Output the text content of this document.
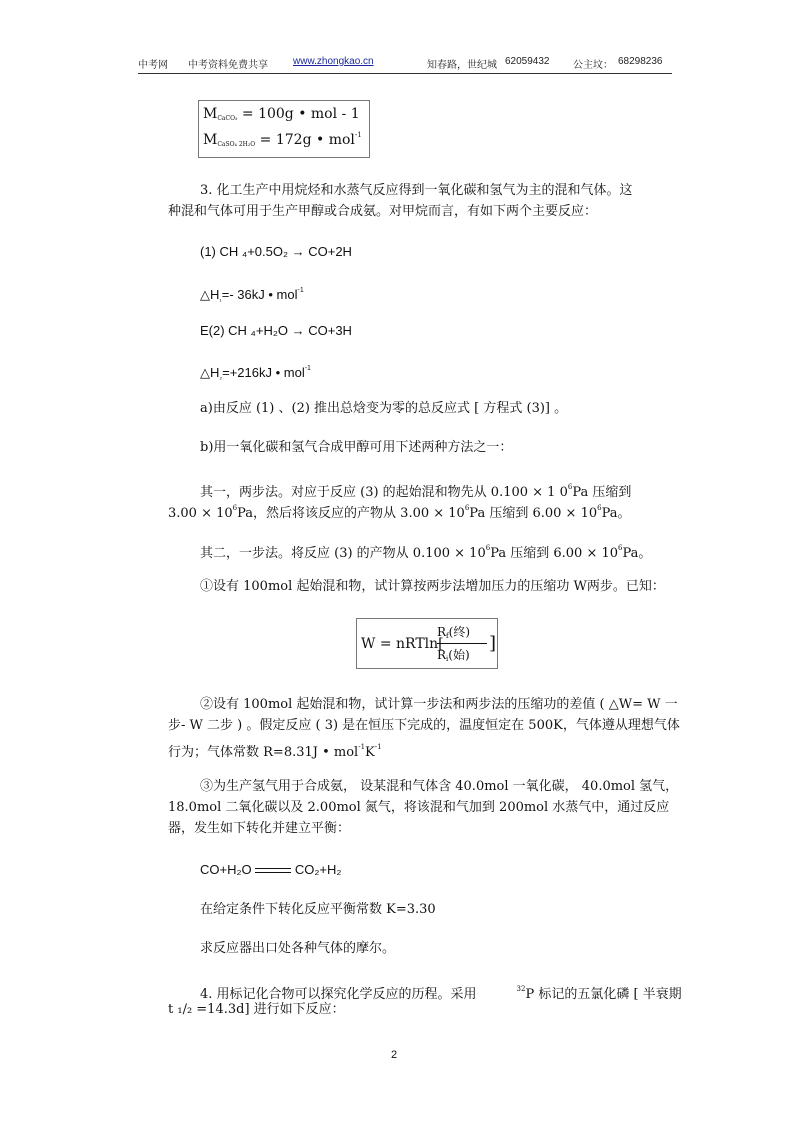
中考网 中考资料免费共享	www.zhongkao.cn	知春路，世纪城 62059432 公主坟： 68298236
$M_{CaCO_3} = 100g$ • mol - 1
$M_{CaSO_4 2H_2O} = 172g$ • mol$^{-1}$
3. 化工生产中用烷烃和水蒸气反应得到一氧化碳和氢气为主的混和气体。这
种混和气体可用于生产甲醇或合成氨。对甲烷而言，有如下两个主要反应：
(1) CH ₄+0.5O₂ → CO+2H
$\triangle H_{_1}=-$ 36kJ • mol$^{-1}$
E(2) CH ₄+H₂O → CO+3H
$\triangle H_{_2}=+216kJ$ • mol$^{-1}$
a)由反应 (1) 、(2) 推出总焓变为零的总反应式 [ 方程式 (3)] 。
b)用一氧化碳和氢气合成甲醇可用下述两种方法之一：
其一，两步法。对应于反应 (3) 的起始混和物先从 0.100 × 1 $0^6Pa$ 压缩到
$3.00 \times 10^6Pa$，然后将该反应的产物从 $3.00 \times 10^6Pa$ 压缩到 $6.00 \times 10^6Pa$。
其二，一步法。将反应 (3) 的产物从 $0.100 \times 10^6Pa$ 压缩到 $6.00 \times 10^6Pa$。
①设有 100mol 起始混和物，试计算按两步法增加压力的压缩功 W两步。已知：
W = nRTln[
$R_f$(终)
$R_i$(始)
]
②设有 100mol 起始混和物，试计算一步法和两步法的压缩功的差值 ( △W= W 一
步- W 二步 ) 。假定反应 ( 3) 是在恒压下完成的，温度恒定在 500K，气体遵从理想气体
行为；气体常数 R=8.31J • $mol^{-1}K^{-1}$
③为生产氢气用于合成氨， 设某混和气体含 40.0mol 一氧化碳， 40.0mol 氢气，
18.0mol 二氧化碳以及 2.00mol 氮气，将该混和气加到 200mol 水蒸气中，通过反应
器，发生如下转化并建立平衡：
CO+H₂O	CO₂+H₂
在给定条件下转化反应平衡常数 K=3.30
求反应器出口处各种气体的摩尔。
4. 用标记化合物可以探究化学反应的历程。采用	$^{32}$P 标记的五氯化磷 [ 半衰期
t ₁/₂ =14.3d] 进行如下反应：
2
